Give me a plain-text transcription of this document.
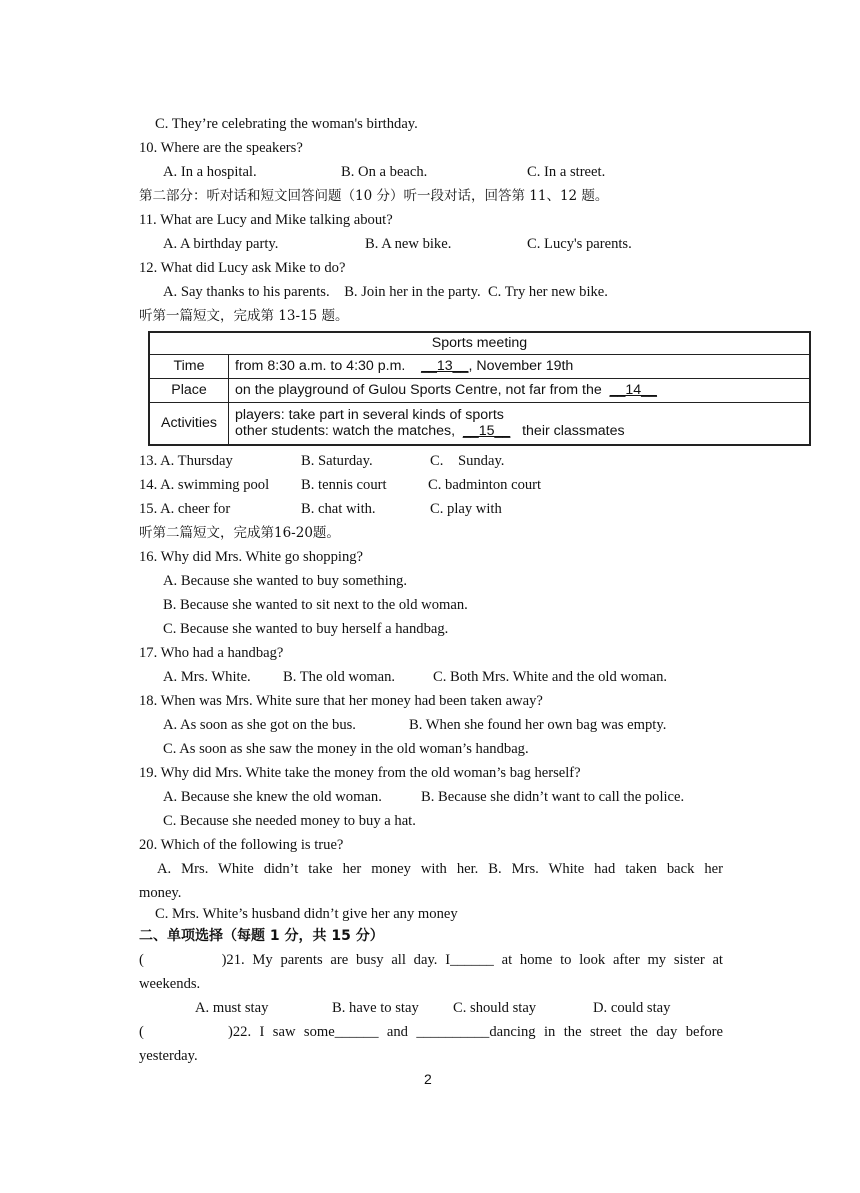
C. They’re celebrating the woman's birthday.
10. Where are the speakers?
A. In a hospital.	B. On a beach.	C. In a street.
第二部分：听对话和短文回答问题（10 分）听一段对话，回答第 11、12 题。
11. What are Lucy and Mike talking about?
A. A birthday party.	B. A new bike.	C. Lucy's parents.
12. What did Lucy ask Mike to do?
A. Say thanks to his parents.    B. Join her in the party.  C. Try her new bike.
听第一篇短文，完成第 13-15 题。
Sports meeting	
Time	from 8:30 a.m. to 4:30 p.m.    __13__, November 19th
Place	on the playground of Gulou Sports Centre, not far from the  __14__
Activities	players: take part in several kinds of sports
other students: watch the matches,  __15__   their classmates
13. A. Thursday	B. Saturday.	C.    Sunday.
14. A. swimming pool B. tennis court	C. badminton court
15. A. cheer for	B. chat with.	C. play with
听第二篇短文，完成第16-20题。
16. Why did Mrs. White go shopping?
A. Because she wanted to buy something.
B. Because she wanted to sit next to the old woman.
C. Because she wanted to buy herself a handbag.
17. Who had a handbag?
A. Mrs. White. B. The old woman.	C. Both Mrs. White and the old woman.
18. When was Mrs. White sure that her money had been taken away?
A. As soon as she got on the bus.	B. When she found her own bag was empty.
C. As soon as she saw the money in the old woman’s handbag.
19. Why did Mrs. White take the money from the old woman’s bag herself?
A. Because she knew the old woman.	B. Because she didn’t want to call the police.
C. Because she needed money to buy a hat.
20. Which of the following is true?
A. Mrs. White didn’t take her money with her. B. Mrs. White had taken back her
money.
C. Mrs. White’s husband didn’t give her any money
二、单项选择（每题 1 分，共 15 分）
(          )21. My parents are busy all day. I______ at home to look after my sister at
weekends.
A. must stay	B. have to stay C. should stay	D. could stay
(          )22. I saw some______ and __________dancing in the street the day before
yesterday.
2
